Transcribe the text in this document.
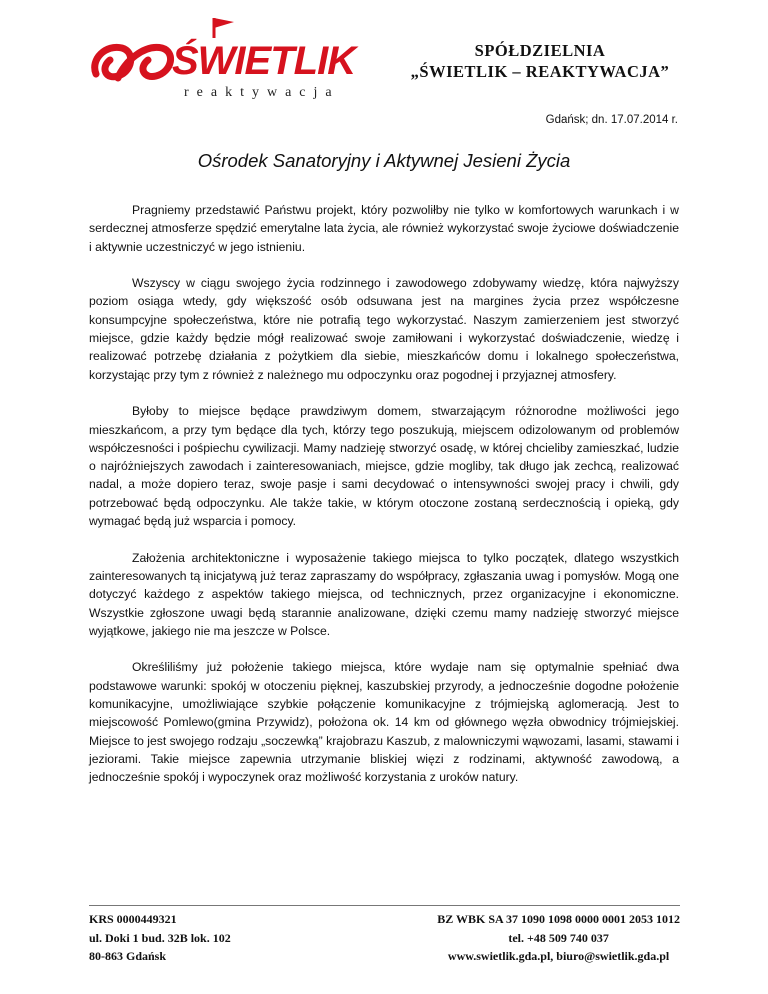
ŚWIETLIK
reaktywacja
SPÓŁDZIELNIA
„ŚWIETLIK – REAKTYWACJA”
Gdańsk; dn. 17.07.2014 r.
Ośrodek Sanatoryjny i Aktywnej Jesieni Życia

Pragniemy przedstawić Państwu projekt, który pozwoliłby nie tylko w komfortowych warunkach i w serdecznej atmosferze spędzić emerytalne lata życia, ale również wykorzystać swoje życiowe doświadczenie i aktywnie uczestniczyć w jego istnieniu.

Wszyscy w ciągu swojego życia rodzinnego i zawodowego zdobywamy wiedzę, która najwyższy poziom osiąga wtedy, gdy większość osób odsuwana jest na margines życia przez współczesne konsumpcyjne społeczeństwa, które nie potrafią tego wykorzystać. Naszym zamierzeniem jest stworzyć miejsce, gdzie każdy będzie mógł realizować swoje zamiłowani i wykorzystać doświadczenie, wiedzę i realizować potrzebę działania z pożytkiem dla siebie, mieszkańców domu i lokalnego społeczeństwa, korzystając przy tym z również z należnego mu odpoczynku oraz pogodnej i przyjaznej atmosfery.

Byłoby to miejsce będące prawdziwym domem, stwarzającym różnorodne możliwości jego mieszkańcom, a przy tym będące dla tych, którzy tego poszukują, miejscem odizolowanym od problemów współczesności i pośpiechu cywilizacji. Mamy nadzieję stworzyć osadę, w której chcieliby zamieszkać, ludzie o najróżniejszych zawodach i zainteresowaniach, miejsce, gdzie mogliby, tak długo jak zechcą, realizować nadal, a może dopiero teraz, swoje pasje i sami decydować o intensywności swojej pracy i chwili, gdy potrzebować będą odpoczynku. Ale także takie, w którym otoczone zostaną serdecznością i opieką, gdy wymagać będą już wsparcia i pomocy.

Założenia architektoniczne i wyposażenie takiego miejsca to tylko początek, dlatego wszystkich zainteresowanych tą inicjatywą już teraz zapraszamy do współpracy, zgłaszania uwag i pomysłów. Mogą one dotyczyć każdego z aspektów takiego miejsca, od technicznych, przez organizacyjne i ekonomiczne. Wszystkie zgłoszone uwagi będą starannie analizowane, dzięki czemu mamy nadzieję stworzyć miejsce wyjątkowe, jakiego nie ma jeszcze w Polsce.

Określiliśmy już położenie takiego miejsca, które wydaje nam się optymalnie spełniać dwa podstawowe warunki: spokój w otoczeniu pięknej, kaszubskiej przyrody, a jednocześnie dogodne położenie komunikacyjne, umożliwiające szybkie połączenie komunikacyjne z trójmiejską aglomeracją. Jest to miejscowość Pomlewo(gmina Przywidz), położona ok. 14 km od głównego węzła obwodnicy trójmiejskiej. Miejsce to jest swojego rodzaju „soczewką” krajobrazu Kaszub, z malowniczymi wąwozami, lasami, stawami i jeziorami. Takie miejsce zapewnia utrzymanie bliskiej więzi z rodzinami, aktywność zawodową, a jednocześnie spokój i wypoczynek oraz możliwość korzystania z uroków natury.

KRS 0000449321
ul. Doki 1 bud. 32B lok. 102
80-863 Gdańsk
BZ WBK SA 37 1090 1098 0000 0001 2053 1012
tel. +48 509 740 037
www.swietlik.gda.pl, biuro@swietlik.gda.pl
